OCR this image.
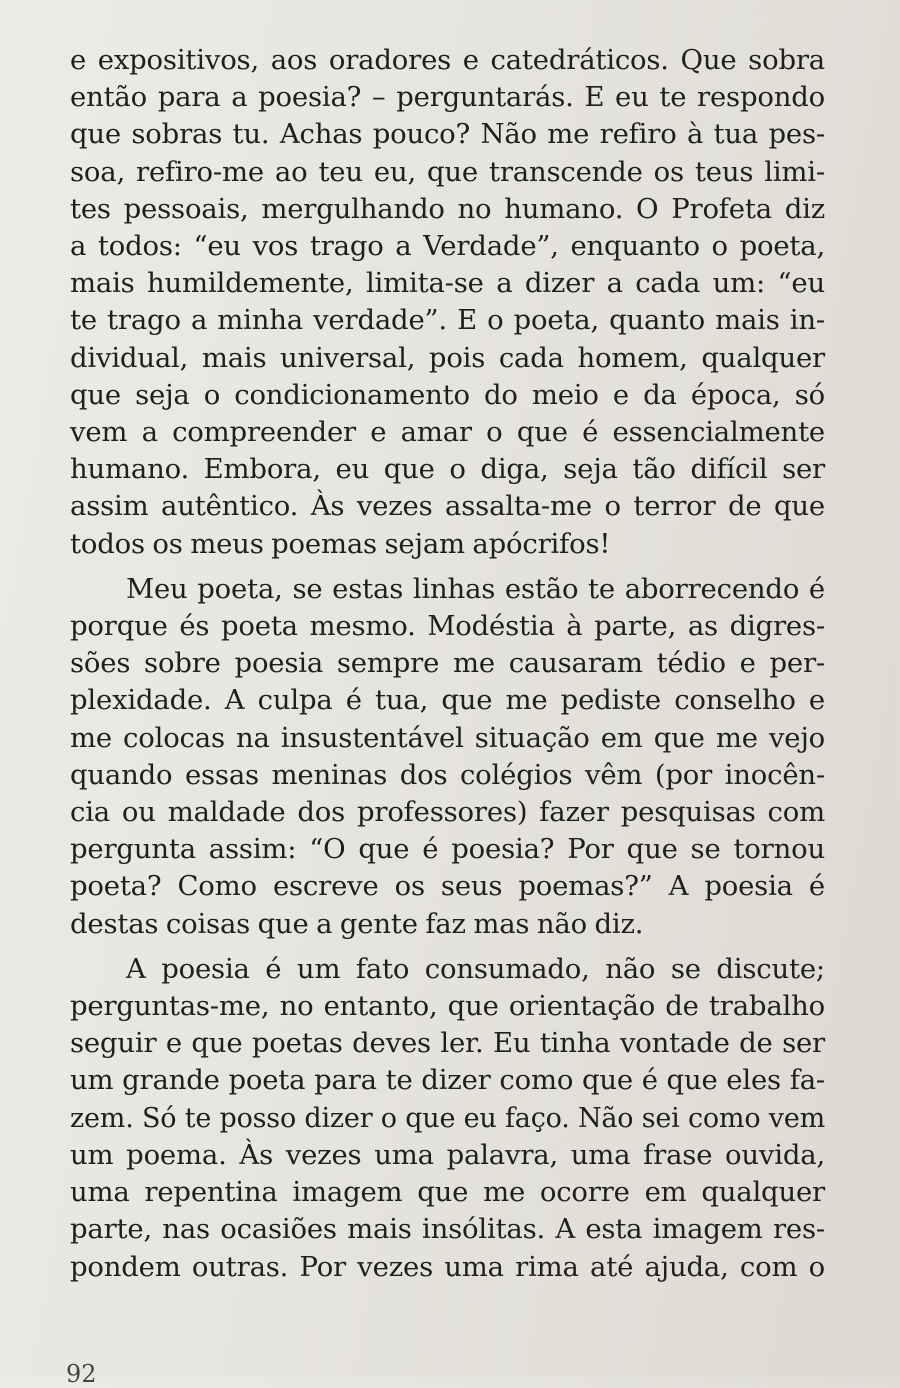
e expositivos, aos oradores e catedráticos. Que sobra
então para a poesia? – perguntarás. E eu te respondo
que sobras tu. Achas pouco? Não me refiro à tua pes-
soa, refiro-me ao teu eu, que transcende os teus limi-
tes pessoais, mergulhando no humano. O Profeta diz
a todos: “eu vos trago a Verdade”, enquanto o poeta,
mais humildemente, limita-se a dizer a cada um: “eu
te trago a minha verdade”. E o poeta, quanto mais in-
dividual, mais universal, pois cada homem, qualquer
que seja o condicionamento do meio e da época, só
vem a compreender e amar o que é essencialmente
humano. Embora, eu que o diga, seja tão difícil ser
assim autêntico. Às vezes assalta-me o terror de que
todos os meus poemas sejam apócrifos!
Meu poeta, se estas linhas estão te aborrecendo é
porque és poeta mesmo. Modéstia à parte, as digres-
sões sobre poesia sempre me causaram tédio e per-
plexidade. A culpa é tua, que me pediste conselho e
me colocas na insustentável situação em que me vejo
quando essas meninas dos colégios vêm (por inocên-
cia ou maldade dos professores) fazer pesquisas com
pergunta assim: “O que é poesia? Por que se tornou
poeta? Como escreve os seus poemas?” A poesia é
destas coisas que a gente faz mas não diz.
A poesia é um fato consumado, não se discute;
perguntas-me, no entanto, que orientação de trabalho
seguir e que poetas deves ler. Eu tinha vontade de ser
um grande poeta para te dizer como que é que eles fa-
zem. Só te posso dizer o que eu faço. Não sei como vem
um poema. Às vezes uma palavra, uma frase ouvida,
uma repentina imagem que me ocorre em qualquer
parte, nas ocasiões mais insólitas. A esta imagem res-
pondem outras. Por vezes uma rima até ajuda, com o
92
